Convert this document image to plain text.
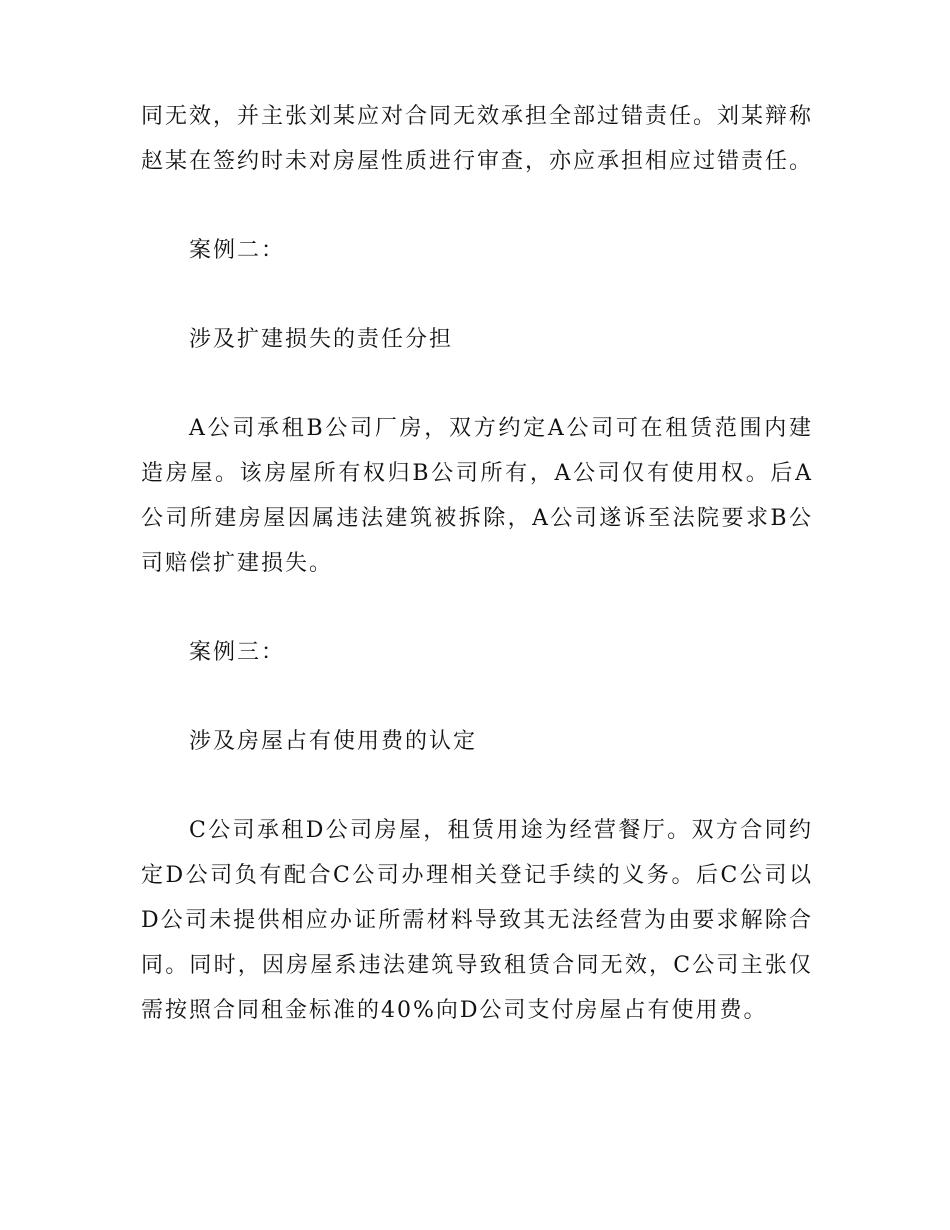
同无效，并主张刘某应对合同无效承担全部过错责任。刘某辩称赵某在签约时未对房屋性质进行审查，亦应承担相应过错责任。

案例二：

涉及扩建损失的责任分担

A公司承租B公司厂房，双方约定A公司可在租赁范围内建造房屋。该房屋所有权归B公司所有，A公司仅有使用权。后A公司所建房屋因属违法建筑被拆除，A公司遂诉至法院要求B公司赔偿扩建损失。

案例三：

涉及房屋占有使用费的认定

C公司承租D公司房屋，租赁用途为经营餐厅。双方合同约定D公司负有配合C公司办理相关登记手续的义务。后C公司以D公司未提供相应办证所需材料导致其无法经营为由要求解除合同。同时，因房屋系违法建筑导致租赁合同无效，C公司主张仅需按照合同租金标准的40%向D公司支付房屋占有使用费。
